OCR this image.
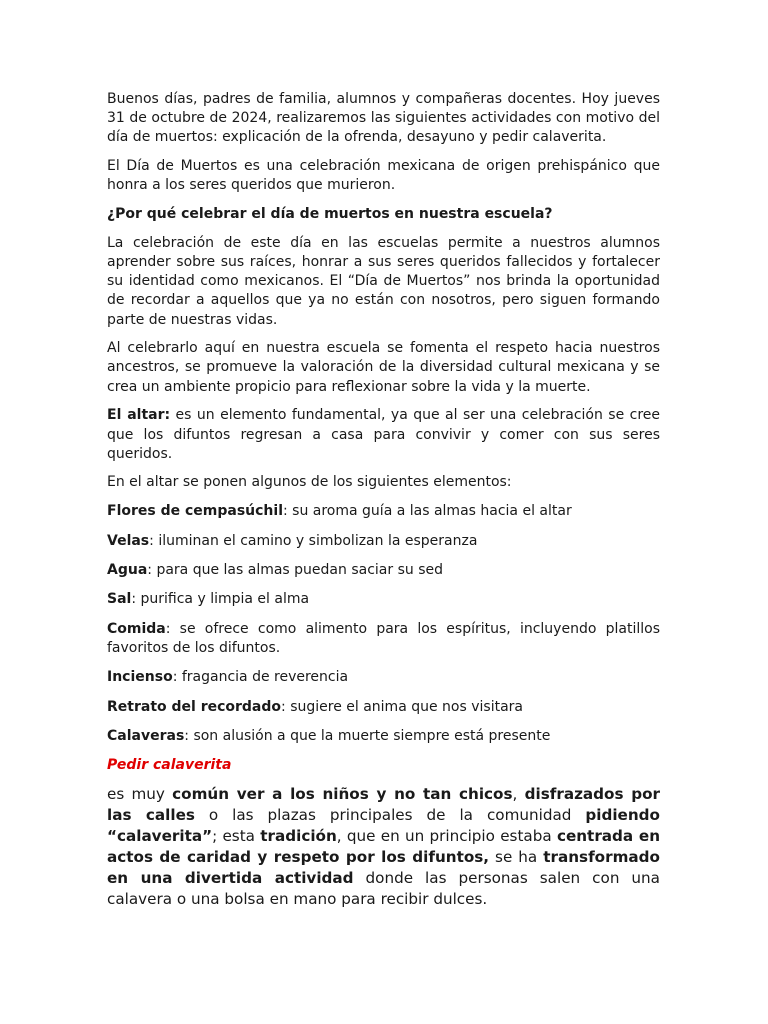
Buenos días, padres de familia, alumnos y compañeras docentes. Hoy jueves 31 de octubre de 2024, realizaremos las siguientes actividades con motivo del día de muertos: explicación de la ofrenda, desayuno y pedir calaverita.

El Día de Muertos es una celebración mexicana de origen prehispánico que honra a los seres queridos que murieron.

¿Por qué celebrar el día de muertos en nuestra escuela?

La celebración de este día en las escuelas permite a nuestros alumnos aprender sobre sus raíces, honrar a sus seres queridos fallecidos y fortalecer su identidad como mexicanos. El “Día de Muertos” nos brinda la oportunidad de recordar a aquellos que ya no están con nosotros, pero siguen formando parte de nuestras vidas.

Al celebrarlo aquí en nuestra escuela se fomenta el respeto hacia nuestros ancestros, se promueve la valoración de la diversidad cultural mexicana y se crea un ambiente propicio para reflexionar sobre la vida y la muerte.

El altar: es un elemento fundamental, ya que al ser una celebración se cree que los difuntos regresan a casa para convivir y comer con sus seres queridos.

En el altar se ponen algunos de los siguientes elementos:

Flores de cempasúchil: su aroma guía a las almas hacia el altar

Velas: iluminan el camino y simbolizan la esperanza

Agua: para que las almas puedan saciar su sed

Sal: purifica y limpia el alma

Comida: se ofrece como alimento para los espíritus, incluyendo platillos favoritos de los difuntos.

Incienso: fragancia de reverencia

Retrato del recordado: sugiere el anima que nos visitara

Calaveras: son alusión a que la muerte siempre está presente

Pedir calaverita

es muy común ver a los niños y no tan chicos, disfrazados por las calles o las plazas principales de la comunidad pidiendo “calaverita”; esta tradición, que en un principio estaba centrada en actos de caridad y respeto por los difuntos, se ha transformado en una divertida actividad donde las personas salen con una calavera o una bolsa en mano para recibir dulces.
